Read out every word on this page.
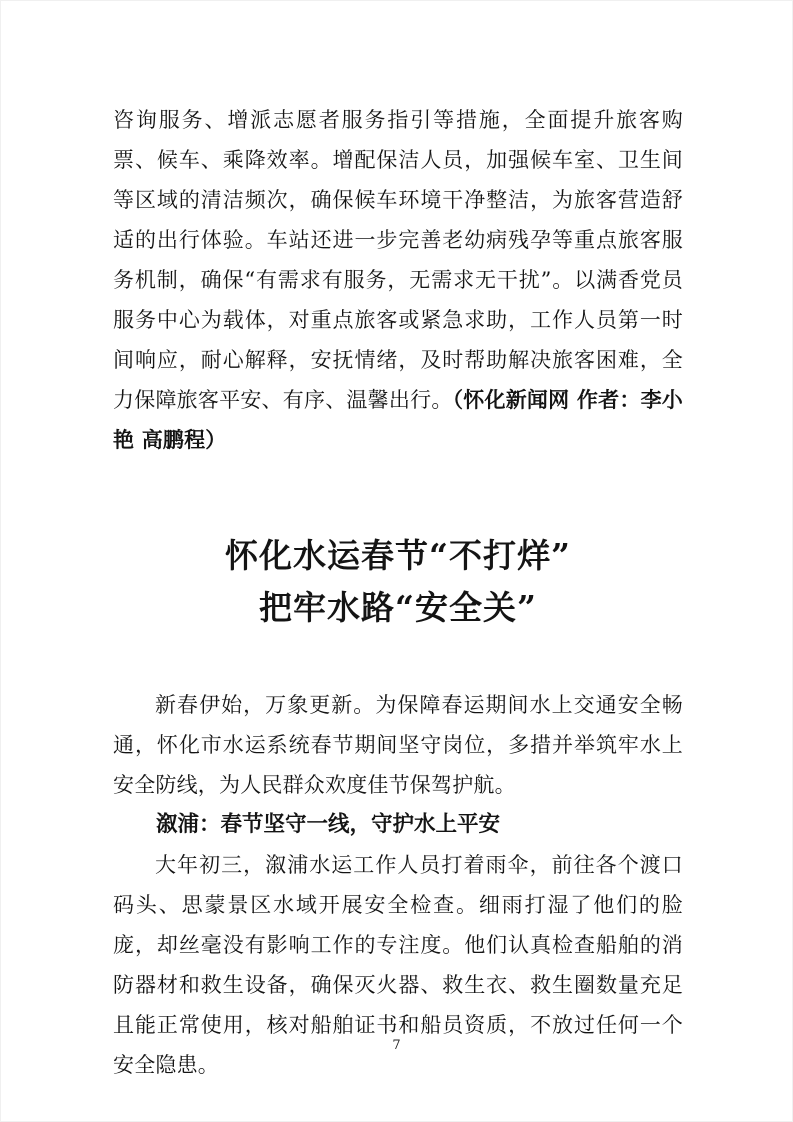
咨询服务、增派志愿者服务指引等措施，全面提升旅客购票、候车、乘降效率。增配保洁人员，加强候车室、卫生间等区域的清洁频次，确保候车环境干净整洁，为旅客营造舒适的出行体验。车站还进一步完善老幼病残孕等重点旅客服务机制，确保“有需求有服务，无需求无干扰”。以满香党员服务中心为载体，对重点旅客或紧急求助，工作人员第一时间响应，耐心解释，安抚情绪，及时帮助解决旅客困难，全力保障旅客平安、有序、温馨出行。（怀化新闻网 作者：李小艳 高鹏程）

怀化水运春节“不打烊”
把牢水路“安全关”

新春伊始，万象更新。为保障春运期间水上交通安全畅通，怀化市水运系统春节期间坚守岗位，多措并举筑牢水上安全防线，为人民群众欢度佳节保驾护航。

溆浦：春节坚守一线，守护水上平安

大年初三，溆浦水运工作人员打着雨伞，前往各个渡口码头、思蒙景区水域开展安全检查。细雨打湿了他们的脸庞，却丝毫没有影响工作的专注度。他们认真检查船舶的消防器材和救生设备，确保灭火器、救生衣、救生圈数量充足且能正常使用，核对船舶证书和船员资质，不放过任何一个安全隐患。

7
